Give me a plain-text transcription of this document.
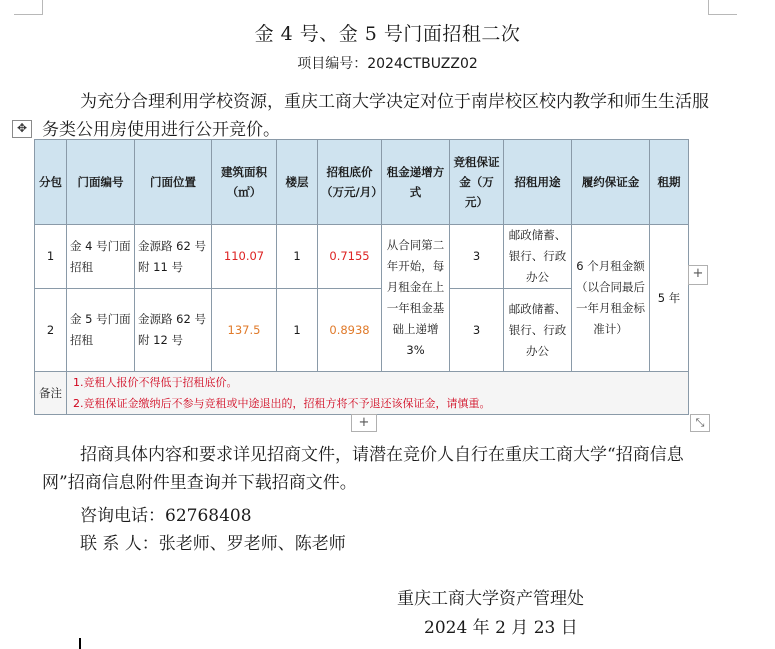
金 4 号、金 5 号门面招租二次
项目编号：2024CTBUZZ02
为充分合理利用学校资源，重庆工商大学决定对位于南岸校区校内教学和师生生活服务类公用房使用进行公开竞价。
✥
分包	门面编号	门面位置	建筑面积（㎡）	楼层	招租底价（万元/月）	租金递增方式	竞租保证金（万元）	招租用途	履约保证金	租期
1	金 4 号门面招租	金源路 62 号附 11 号	110.07	1	0.7155	从合同第二年开始，每月租金在上一年租金基础上递增 3%	3	邮政储蓄、银行、行政办公	6 个月租金额（以合同最后一年月租金标准计）	5 年
2	金 5 号门面招租	金源路 62 号附 12 号	137.5	1	0.8938		3	邮政储蓄、银行、行政办公		
备注	1.竞租人报价不得低于招租底价。
2.竞租保证金缴纳后不参与竞租或中途退出的，招租方将不予退还该保证金，请慎重。									
+
+	⤡
招商具体内容和要求详见招商文件，请潜在竞价人自行在重庆工商大学“招商信息网”招商信息附件里查询并下载招商文件。
咨询电话：62768408
联 系 人：张老师、罗老师、陈老师
重庆工商大学资产管理处
2024 年 2 月 23 日
